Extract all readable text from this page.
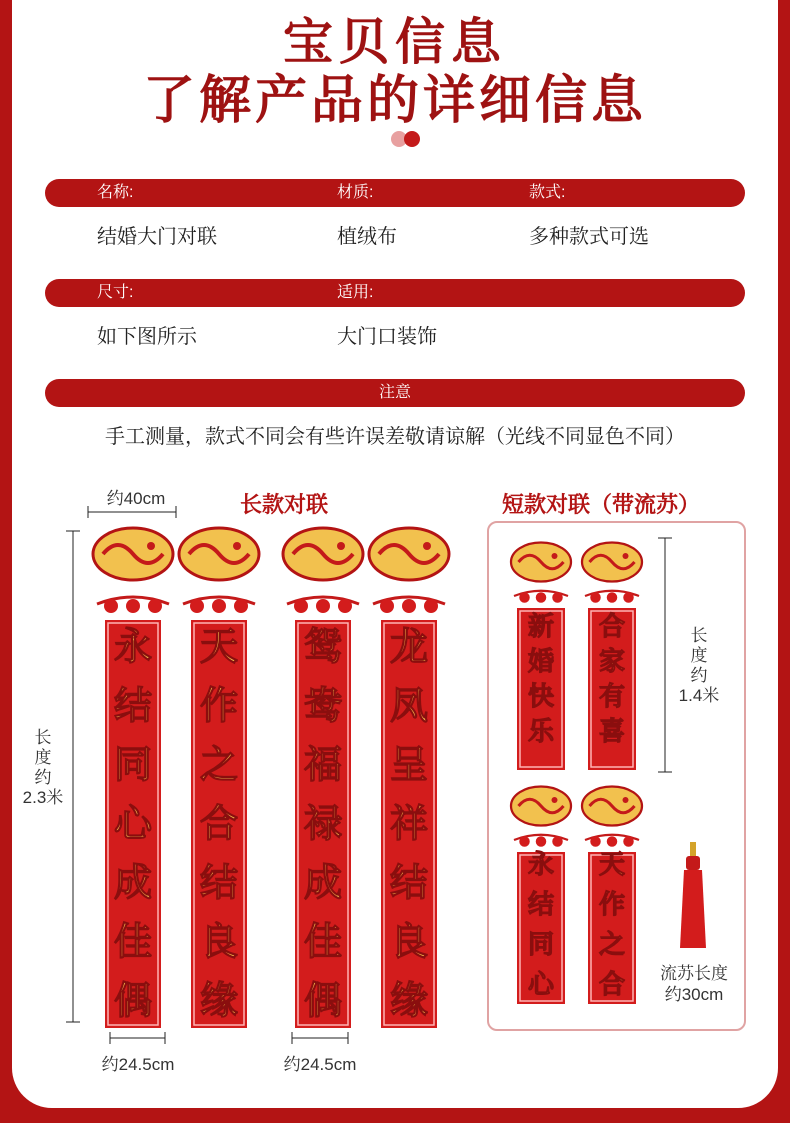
宝贝信息
了解产品的详细信息
名称:	材质:	款式:
结婚大门对联	植绒布	多种款式可选
尺寸:	适用:
如下图所示	大门口装饰
注意
手工测量，款式不同会有些许误差敬请谅解（光线不同显色不同）
长款对联
约40cm
长
度
约
2.3米
约24.5cm	约24.5cm
短款对联（带流苏）
长
度
约
1.4米
流苏长度
约30cm
永
结
同
心
成
佳
偶
天
作
之
合
结
良
缘
鸳
鸯
福
禄
成
佳
偶
龙
凤
呈
祥
结
良
缘
新
婚
快
乐
合
家
有
喜
永
结
同
心
天
作
之
合
